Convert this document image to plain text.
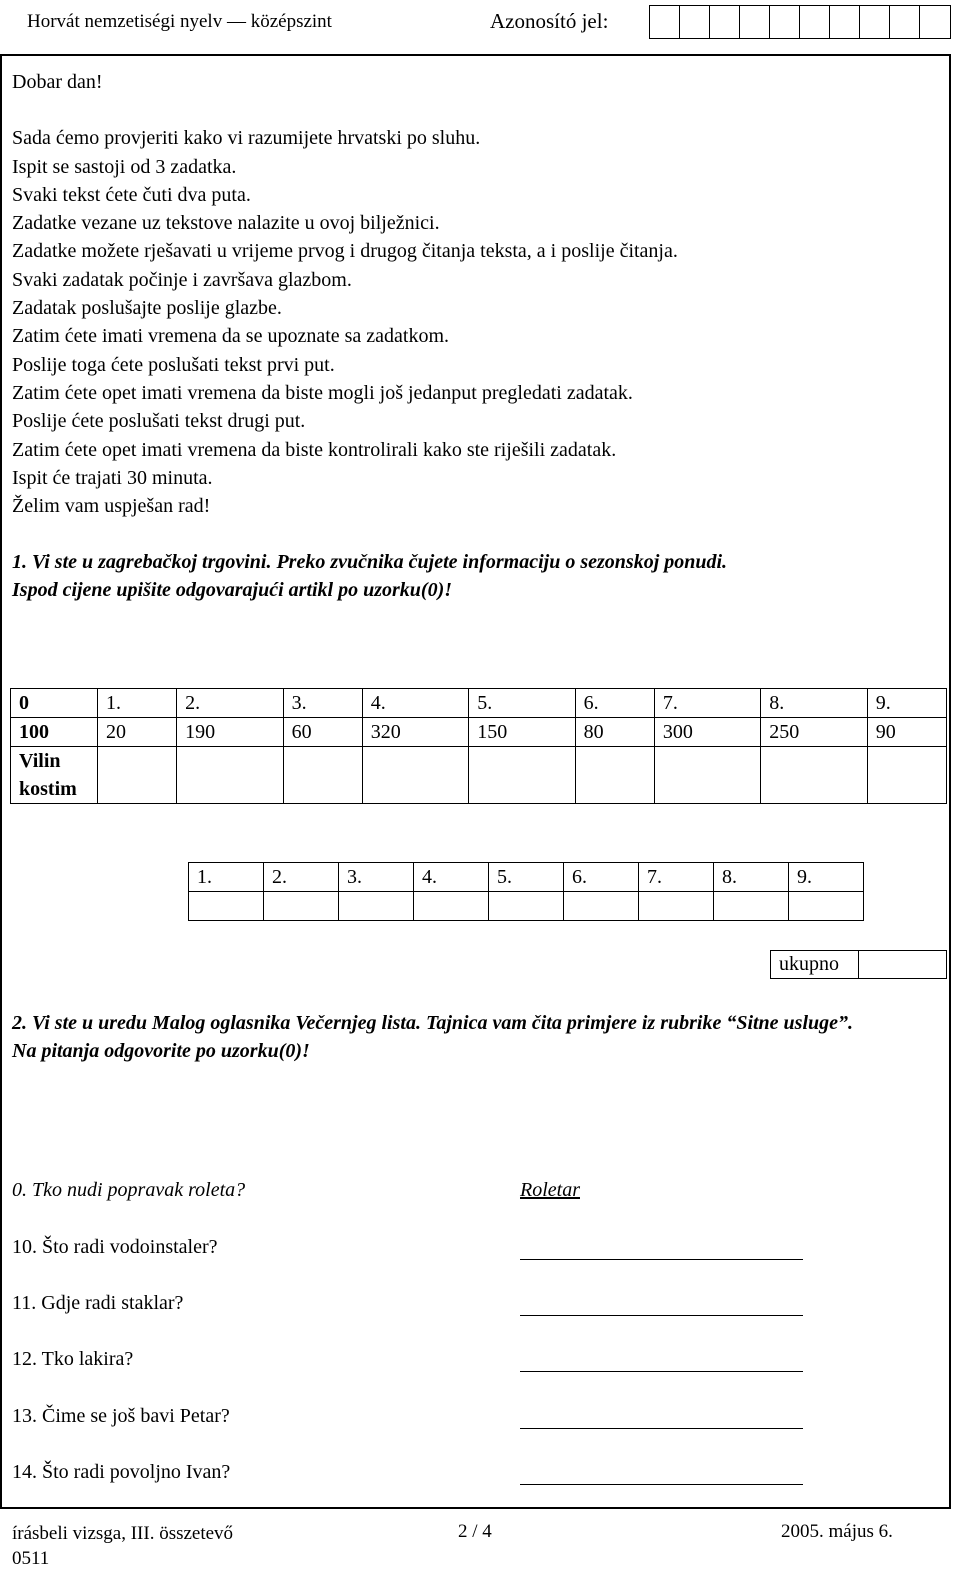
Horvát nemzetiségi nyelv — középszint	Azonosító jel:
Dobar dan!
Sada ćemo provjeriti kako vi razumijete hrvatski po sluhu.
Ispit se sastoji od 3 zadatka.
Svaki tekst ćete čuti dva puta.
Zadatke vezane uz tekstove nalazite u ovoj bilježnici.
Zadatke možete rješavati u vrijeme prvog i drugog čitanja teksta, a i poslije čitanja.
Svaki zadatak počinje i završava glazbom.
Zadatak poslušajte poslije glazbe.
Zatim ćete imati vremena da se upoznate sa zadatkom.
Poslije toga ćete poslušati tekst prvi put.
Zatim ćete opet imati vremena da biste mogli još jedanput pregledati zadatak.
Poslije ćete poslušati tekst drugi put.
Zatim ćete opet imati vremena da biste kontrolirali kako ste riješili zadatak.
Ispit će trajati 30 minuta.
Želim vam uspješan rad!
1. Vi ste u zagrebačkoj trgovini. Preko zvučnika čujete informaciju o sezonskoj ponudi.
Ispod cijene upišite odgovarajući artikl po uzorku(0)!
0	1.	2.	3.	4.	5.	6.	7.	8.	9.
100	20	190	60	320	150	80	300	250	90
Vilin kostim									
1.	2.	3.	4.	5.	6.	7.	8.	9.

ukupno	
2. Vi ste u uredu Malog oglasnika Večernjeg lista. Tajnica vam čita primjere iz rubrike “Sitne usluge”.
Na pitanja odgovorite po uzorku(0)!
0. Tko nudi popravak roleta?	Roletar
10. Što radi vodoinstaler?
11. Gdje radi staklar?
12. Tko lakira?
13. Čime se još bavi Petar?
14. Što radi povoljno Ivan?
írásbeli vizsga, III. összetevő
0511
2 / 4	2005. május 6.
